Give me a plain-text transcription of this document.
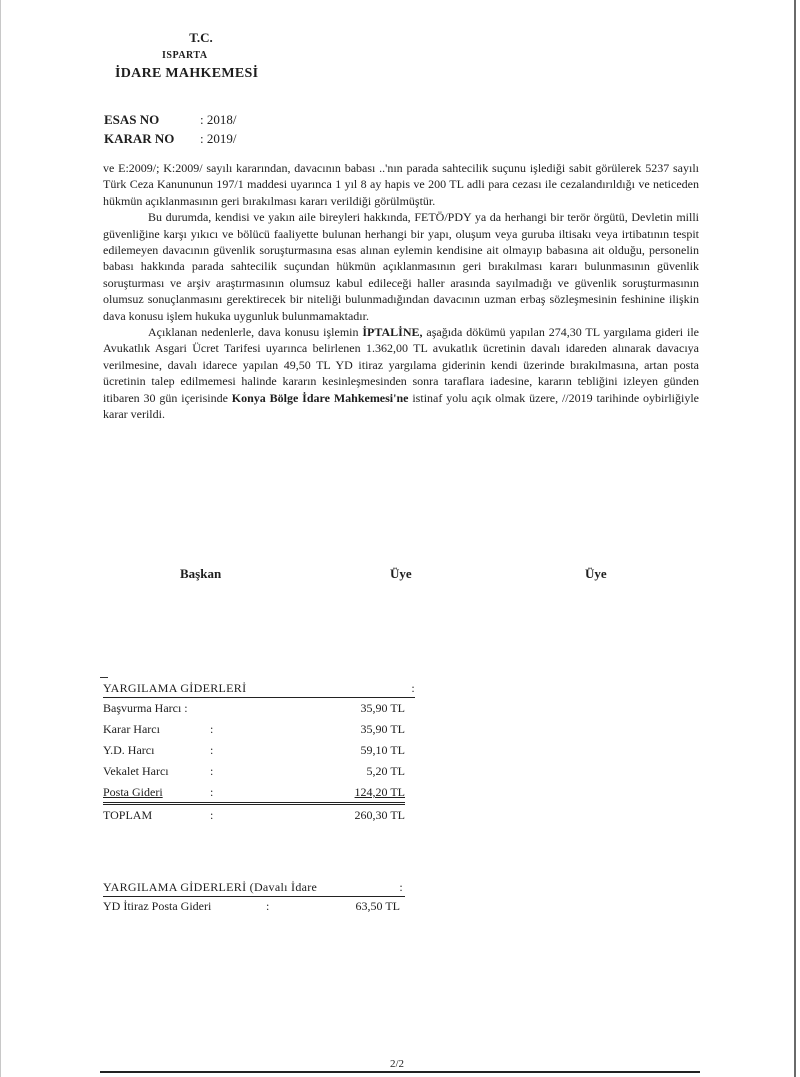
T.C.
ISPARTA
İDARE MAHKEMESİ
ESAS NO	: 2018/
KARAR NO : 2019/

ve E:2009/; K:2009/ sayılı kararından, davacının babası ..'nın parada sahtecilik suçunu işlediği sabit görülerek 5237 sayılı Türk Ceza Kanununun 197/1 maddesi uyarınca 1 yıl 8 ay hapis ve 200 TL adli para cezası ile cezalandırıldığı ve neticeden hükmün açıklanmasının geri bırakılması kararı verildiği görülmüştür.

Bu durumda, kendisi ve yakın aile bireyleri hakkında, FETÖ/PDY ya da herhangi bir terör örgütü, Devletin milli güvenliğine karşı yıkıcı ve bölücü faaliyette bulunan herhangi bir yapı, oluşum veya guruba iltisakı veya irtibatının tespit edilemeyen davacının güvenlik soruşturmasına esas alınan eylemin kendisine ait olmayıp babasına ait olduğu, personelin babası hakkında parada sahtecilik suçundan hükmün açıklanmasının geri bırakılması kararı bulunmasının güvenlik soruşturması ve arşiv araştırmasının olumsuz kabul edileceği haller arasında sayılmadığı ve güvenlik soruşturmasının olumsuz sonuçlanmasını gerektirecek bir niteliği bulunmadığından davacının uzman erbaş sözleşmesinin feshinine ilişkin dava konusu işlem hukuka uygunluk bulunmamaktadır.

Açıklanan nedenlerle, dava konusu işlemin İPTALİNE, aşağıda dökümü yapılan 274,30 TL yargılama gideri ile Avukatlık Asgari Ücret Tarifesi uyarınca belirlenen 1.362,00 TL avukatlık ücretinin davalı idareden alınarak davacıya verilmesine, davalı idarece yapılan 49,50 TL YD itiraz yargılama giderinin kendi üzerinde bırakılmasına, artan posta ücretinin talep edilmemesi halinde kararın kesinleşmesinden sonra taraflara iadesine, kararın tebliğini izleyen günden itibaren 30 gün içerisinde Konya Bölge İdare Mahkemesi'ne istinaf yolu açık olmak üzere, //2019 tarihinde oybirliğiyle karar verildi.

Başkan	Üye	Üye
YARGILAMA GİDERLERİ	:
Başvurma Harcı :	35,90 TL
Karar Harcı	:	35,90 TL
Y.D. Harcı	:	59,10 TL
Vekalet Harcı	:	5,20 TL
Posta Gideri	:	124,20 TL
TOPLAM	:	260,30 TL
YARGILAMA GİDERLERİ (Davalı İdare	:
YD İtiraz Posta Gideri	:	63,50 TL
2/2
